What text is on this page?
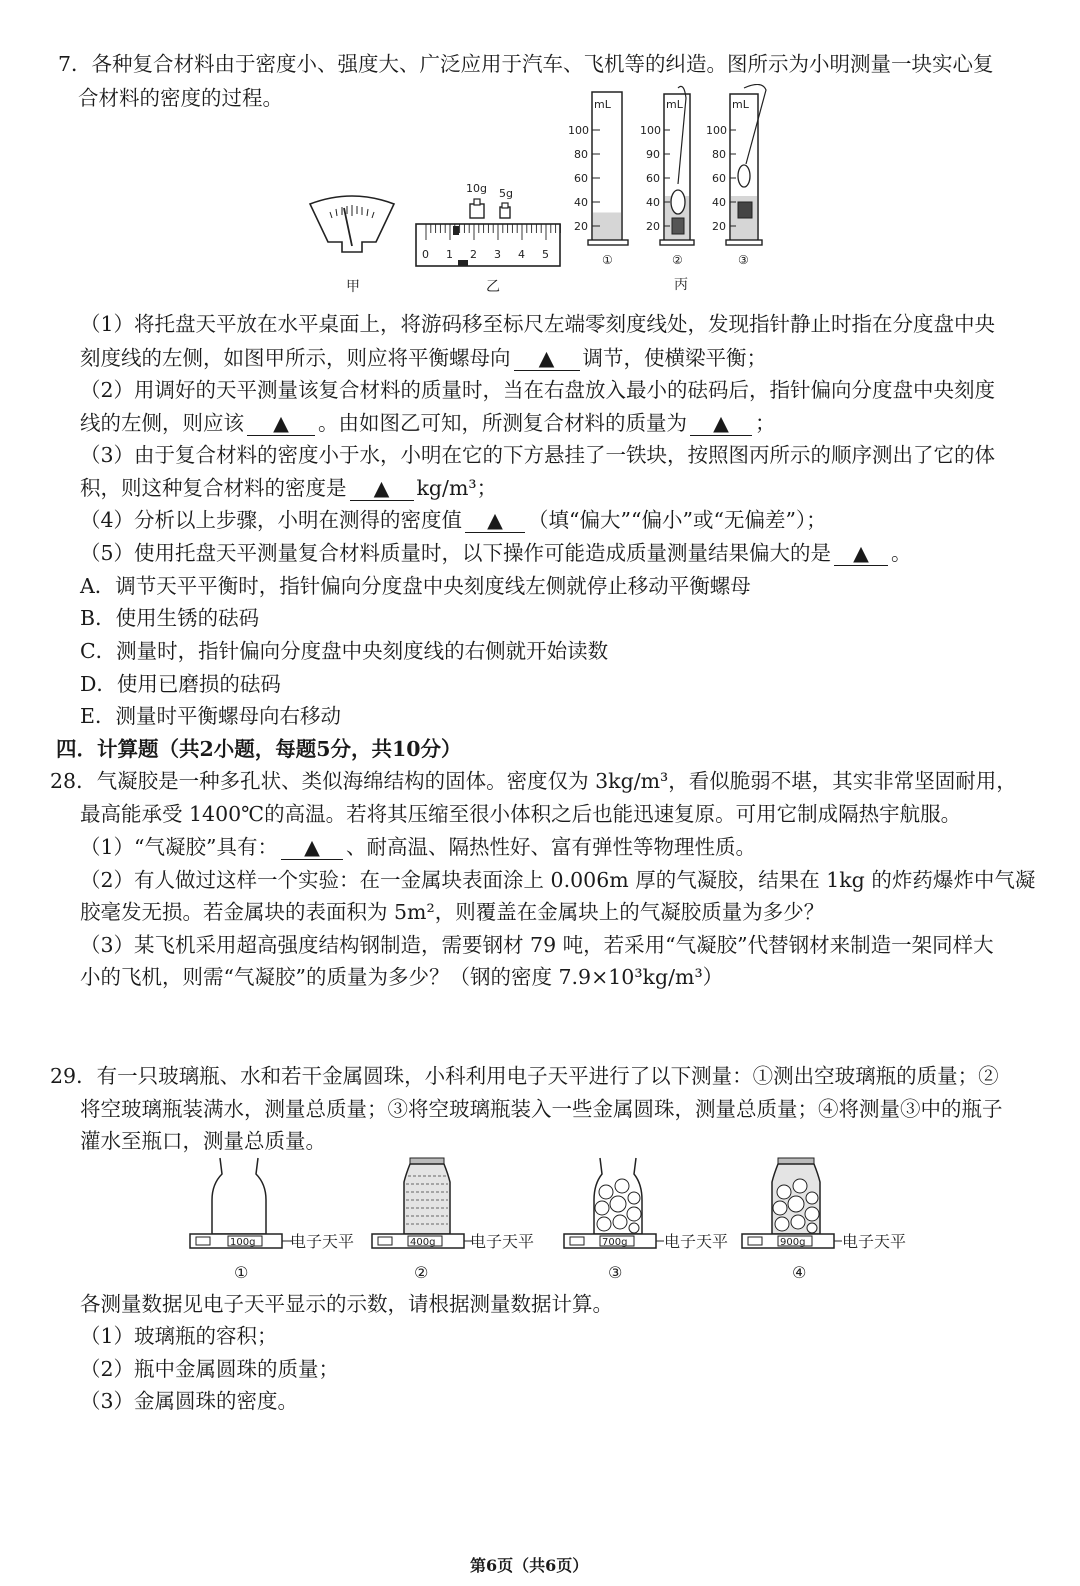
7．各种复合材料由于密度小、强度大、广泛应用于汽车、飞机等的纠造。图所示为小明测量一块实心复
合材料的密度的过程。
甲
10g 5g
0 1 2 3 4 5
乙
mL
100
80
60
40
20
①
mL
100
90
60
40
20
②
mL
100
80
60
40
20
③
丙
（1）将托盘天平放在水平桌面上，将游码移至标尺左端零刻度线处，发现指针静止时指在分度盘中央
刻度线的左侧，如图甲所示，则应将平衡螺母向 ▲ 调节，使横梁平衡；
（2）用调好的天平测量该复合材料的质量时，当在右盘放入最小的砝码后，指针偏向分度盘中央刻度
线的左侧，则应该 ▲ 。由如图乙可知，所测复合材料的质量为 ▲ ；
（3）由于复合材料的密度小于水，小明在它的下方悬挂了一铁块，按照图丙所示的顺序测出了它的体
积，则这种复合材料的密度是 ▲ kg/m³；
（4）分析以上步骤，小明在测得的密度值 ▲ （填“偏大”“偏小”或“无偏差”）；
（5）使用托盘天平测量复合材料质量时，以下操作可能造成质量测量结果偏大的是 ▲ 。
A．调节天平平衡时，指针偏向分度盘中央刻度线左侧就停止移动平衡螺母
B．使用生锈的砝码
C．测量时，指针偏向分度盘中央刻度线的右侧就开始读数
D．使用已磨损的砝码
E．测量时平衡螺母向右移动
四．计算题（共2小题，每题5分，共10分）
28．气凝胶是一种多孔状、类似海绵结构的固体。密度仅为 3kg/m³，看似脆弱不堪，其实非常坚固耐用，
最高能承受 1400℃的高温。若将其压缩至很小体积之后也能迅速复原。可用它制成隔热宇航服。
（1）“气凝胶”具有： ▲ 、耐高温、隔热性好、富有弹性等物理性质。
（2）有人做过这样一个实验：在一金属块表面涂上 0.006m 厚的气凝胶，结果在 1kg 的炸药爆炸中气凝
胶毫发无损。若金属块的表面积为 5m²，则覆盖在金属块上的气凝胶质量为多少？
（3）某飞机采用超高强度结构钢制造，需要钢材 79 吨，若采用“气凝胶”代替钢材来制造一架同样大
小的飞机，则需“气凝胶”的质量为多少？（钢的密度 7.9×10³kg/m³）
29．有一只玻璃瓶、水和若干金属圆珠，小科利用电子天平进行了以下测量：①测出空玻璃瓶的质量；②
将空玻璃瓶装满水，测量总质量；③将空玻璃瓶装入一些金属圆珠，测量总质量；④将测量③中的瓶子
灌水至瓶口，测量总质量。
100g 电子天平
①
400g 电子天平
②
700g 电子天平
③
900g 电子天平
④
各测量数据见电子天平显示的示数，请根据测量数据计算。
（1）玻璃瓶的容积；
（2）瓶中金属圆珠的质量；
（3）金属圆珠的密度。
第6页（共6页）
